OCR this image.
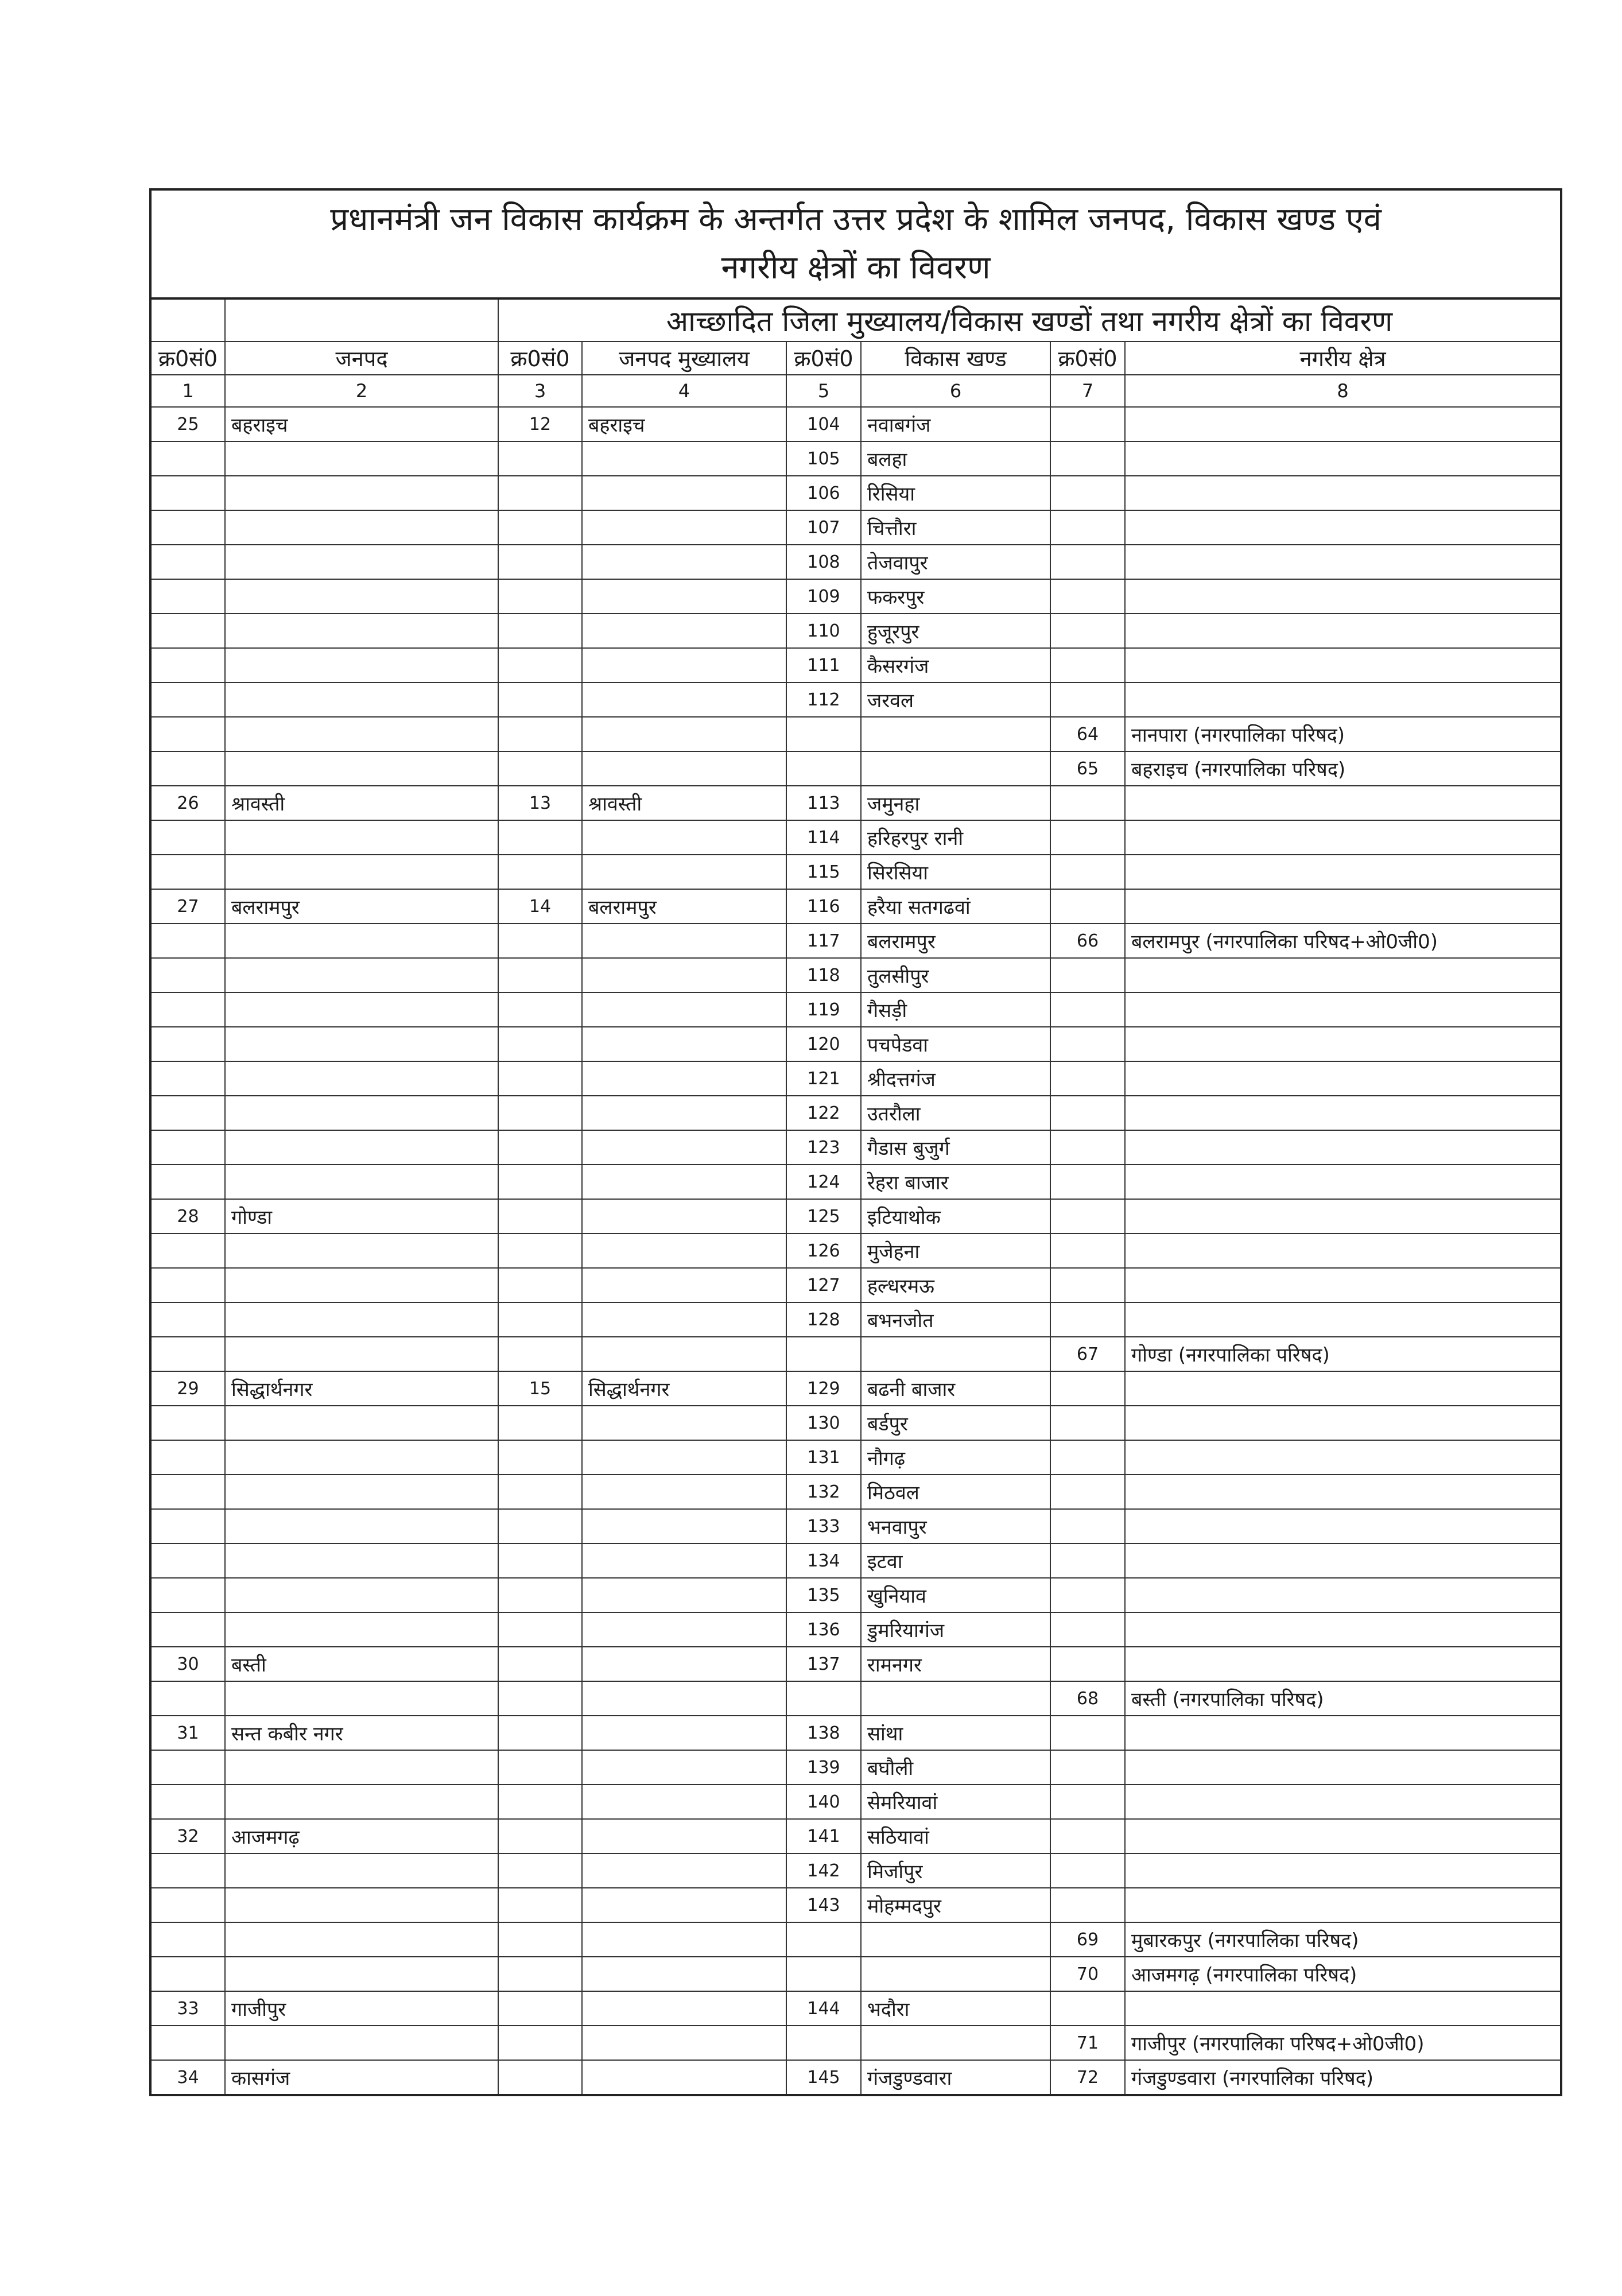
प्रधानमंत्री जन विकास कार्यक्रम के अन्तर्गत उत्तर प्रदेश के शामिल जनपद, विकास खण्ड एवं
नगरीय क्षेत्रों का विवरण							

		आच्छादित जिला मुख्यालय/विकास खण्डों तथा नगरीय क्षेत्रों का विवरण					
क्र0सं0	जनपद	क्र0सं0	जनपद मुख्यालय	क्र0सं0	विकास खण्ड	क्र0सं0	नगरीय क्षेत्र
1	2	3	4	5	6	7	8
25	बहराइच	12	बहराइच	104	नवाबगंज		
				105	बलहा		
				106	रिसिया		
				107	चित्तौरा		
				108	तेजवापुर		
				109	फकरपुर		
				110	हुजूरपुर		
				111	कैसरगंज		
				112	जरवल		
						64	नानपारा (नगरपालिका परिषद)
						65	बहराइच (नगरपालिका परिषद)
26	श्रावस्ती	13	श्रावस्ती	113	जमुनहा		
				114	हरिहरपुर रानी		
				115	सिरसिया		
27	बलरामपुर	14	बलरामपुर	116	हरैया सतगढवां		
				117	बलरामपुर	66	बलरामपुर (नगरपालिका परिषद+ओ0जी0)
				118	तुलसीपुर		
				119	गैसड़ी		
				120	पचपेडवा		
				121	श्रीदत्तगंज		
				122	उतरौला		
				123	गैडास बुजुर्ग		
				124	रेहरा बाजार		
28	गोण्डा			125	इटियाथोक		
				126	मुजेहना		
				127	हल्धरमऊ		
				128	बभनजोत		
						67	गोण्डा (नगरपालिका परिषद)
29	सिद्धार्थनगर	15	सिद्धार्थनगर	129	बढनी बाजार		
				130	बर्डपुर		
				131	नौगढ़		
				132	मिठवल		
				133	भनवापुर		
				134	इटवा		
				135	खुनियाव		
				136	डुमरियागंज		
30	बस्ती			137	रामनगर		
						68	बस्ती (नगरपालिका परिषद)
31	सन्त कबीर नगर			138	सांथा		
				139	बघौली		
				140	सेमरियावां		
32	आजमगढ़			141	सठियावां		
				142	मिर्जापुर		
				143	मोहम्मदपुर		
						69	मुबारकपुर (नगरपालिका परिषद)
						70	आजमगढ़ (नगरपालिका परिषद)
33	गाजीपुर			144	भदौरा		
						71	गाजीपुर (नगरपालिका परिषद+ओ0जी0)
34	कासगंज			145	गंजडुण्डवारा	72	गंजडुण्डवारा (नगरपालिका परिषद)
